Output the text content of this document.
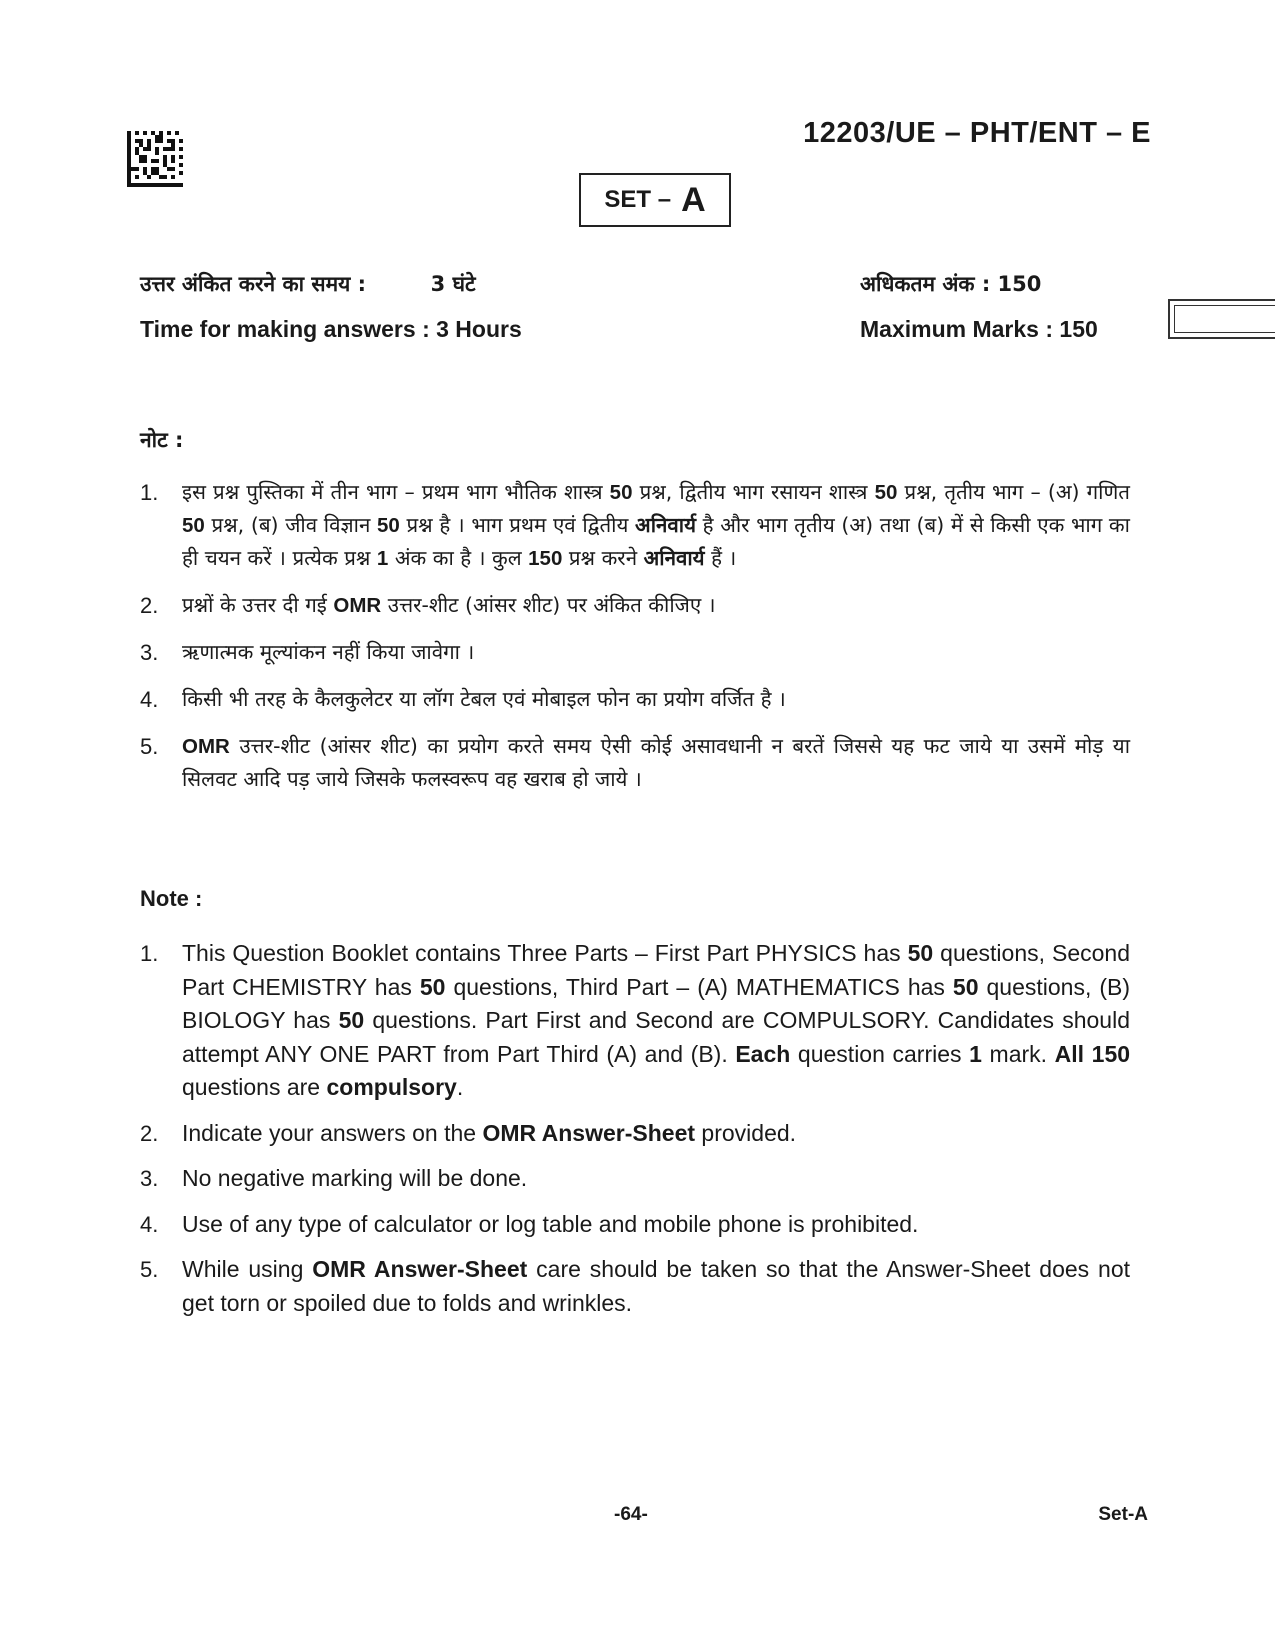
12203/UE – PHT/ENT – E
SET – A
उत्तर अंकित करने का समय :	3 घंटे	अधिकतम अंक : 150
Time for making answers : 3 Hours	Maximum Marks : 150
नोट :
1. इस प्रश्न पुस्तिका में तीन भाग – प्रथम भाग भौतिक शास्त्र 50 प्रश्न, द्वितीय भाग रसायन शास्त्र 50 प्रश्न, तृतीय भाग – (अ) गणित 50 प्रश्न, (ब) जीव विज्ञान 50 प्रश्न है । भाग प्रथम एवं द्वितीय अनिवार्य है और भाग तृतीय (अ) तथा (ब) में से किसी एक भाग का ही चयन करें । प्रत्येक प्रश्न 1 अंक का है । कुल 150 प्रश्न करने अनिवार्य हैं ।
2. प्रश्नों के उत्तर दी गई OMR उत्तर-शीट (आंसर शीट) पर अंकित कीजिए ।
3. ऋणात्मक मूल्यांकन नहीं किया जावेगा ।
4. किसी भी तरह के कैलकुलेटर या लॉग टेबल एवं मोबाइल फोन का प्रयोग वर्जित है ।
5. OMR उत्तर-शीट (आंसर शीट) का प्रयोग करते समय ऐसी कोई असावधानी न बरतें जिससे यह फट जाये या उसमें मोड़ या सिलवट आदि पड़ जाये जिसके फलस्वरूप वह खराब हो जाये ।
Note :
1. This Question Booklet contains Three Parts – First Part PHYSICS has 50 questions, Second Part CHEMISTRY has 50 questions, Third Part – (A) MATHEMATICS has 50 questions, (B) BIOLOGY has 50 questions. Part First and Second are COMPULSORY. Candidates should attempt ANY ONE PART from Part Third (A) and (B). Each question carries 1 mark. All 150 questions are compulsory.
2. Indicate your answers on the OMR Answer-Sheet provided.
3. No negative marking will be done.
4. Use of any type of calculator or log table and mobile phone is prohibited.
5. While using OMR Answer-Sheet care should be taken so that the Answer-Sheet does not get torn or spoiled due to folds and wrinkles.
-64-	Set-A
